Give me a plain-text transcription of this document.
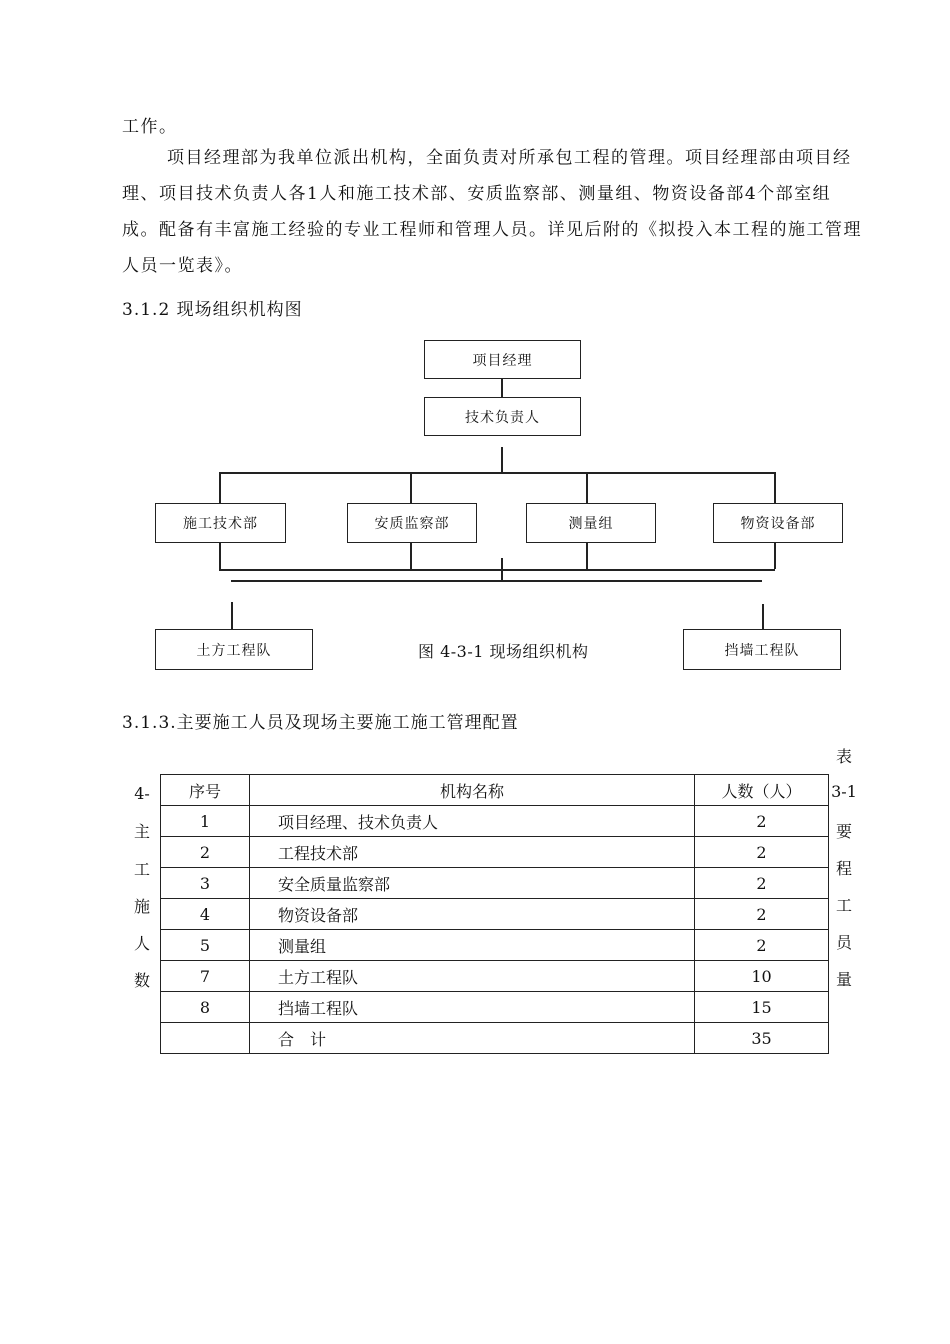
工作。
项目经理部为我单位派出机构，全面负责对所承包工程的管理。项目经理部由项目经理、项目技术负责人各1人和施工技术部、安质监察部、测量组、物资设备部4个部室组成。配备有丰富施工经验的专业工程师和管理人员。详见后附的《拟投入本工程的施工管理人员一览表》。
3.1.2 现场组织机构图
项目经理
技术负责人
施工技术部	安质监察部	测量组	物资设备部
土方工程队	挡墙工程队
图 4-3-1 现场组织机构
3.1.3.主要施工人员及现场主要施工施工管理配置
4-
主
工
施
人
数
表
3-1
要
程
工
员
量
序号	机构名称	人数（人）
1	项目经理、技术负责人	2
2	工程技术部	2
3	安全质量监察部	2
4	物资设备部	2
5	测量组	2
7	土方工程队	10
8	挡墙工程队	15
	合　计	35
